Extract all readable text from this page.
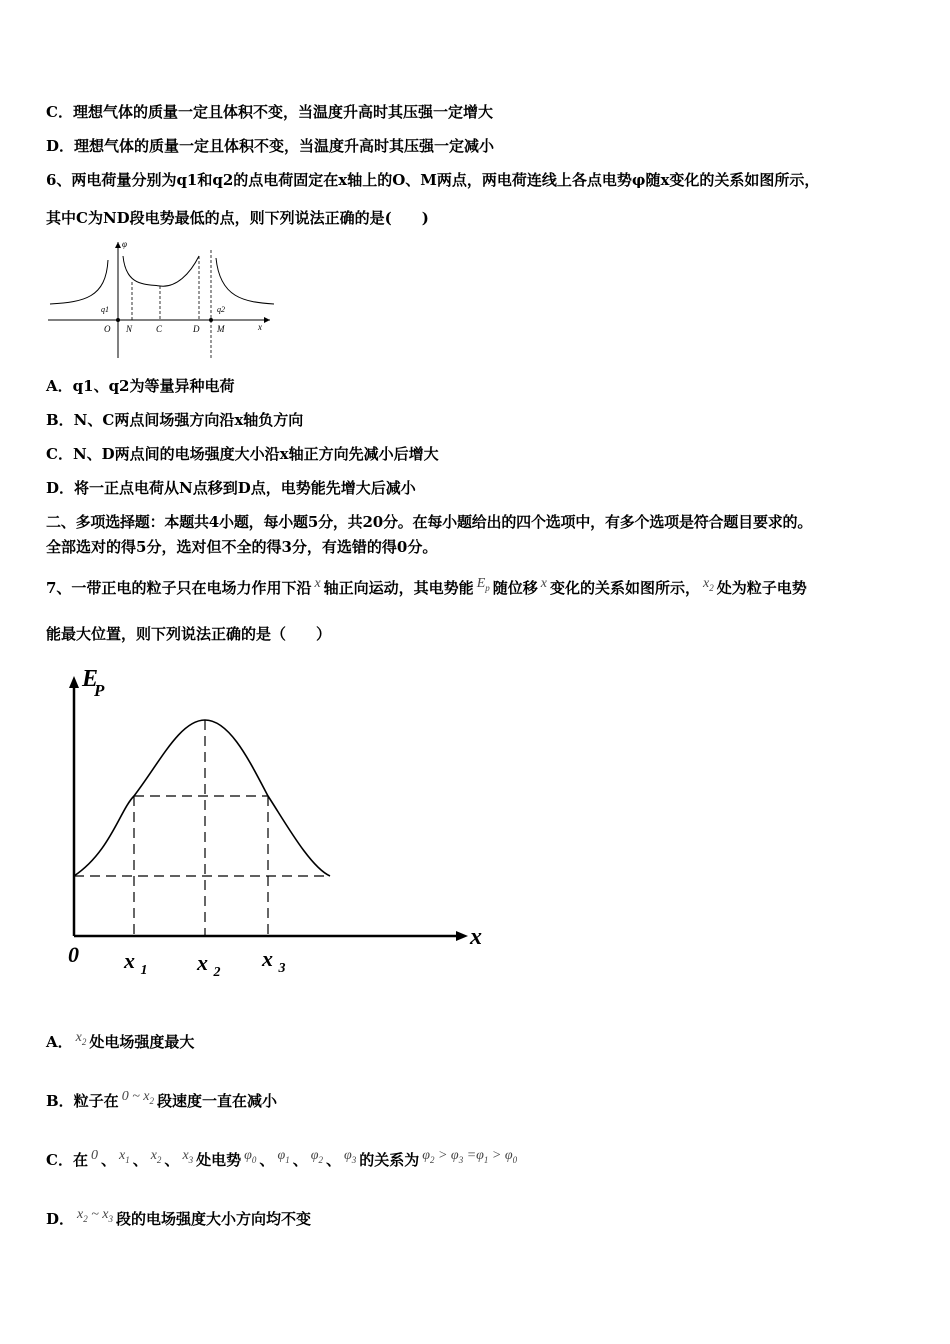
C．理想气体的质量一定且体积不变，当温度升高时其压强一定增大
D．理想气体的质量一定且体积不变，当温度升高时其压强一定减小
6、两电荷量分别为q1和q2的点电荷固定在x轴上的O、M两点，两电荷连线上各点电势φ随x变化的关系如图所示，
其中C为ND段电势最低的点，则下列说法正确的是(　　)
φ
x
O N	C	D M
q1	q2
A．q1、q2为等量异种电荷
B．N、C两点间场强方向沿x轴负方向
C．N、D两点间的电场强度大小沿x轴正方向先减小后增大
D．将一正点电荷从N点移到D点，电势能先增大后减小
二、多项选择题：本题共4小题，每小题5分，共20分。在每小题给出的四个选项中，有多个选项是符合题目要求的。
全部选对的得5分，选对但不全的得3分，有选错的得0分。
7、一带正电的粒子只在电场力作用下沿 x 轴正向运动，其电势能 $E_p$ 随位移 x 变化的关系如图所示， $x_2$ 处为粒子电势
能最大位置，则下列说法正确的是（　　）
E
P
x
0 x $_1$ x $_2$
x $_3$
A． $x_2$ 处电场强度最大
B．粒子在 0 ~ $x_2$ 段速度一直在减小
C．在 0 、 $x_1$ 、 $x_2$ 、 $x_3$ 处电势 $\varphi_0$ 、 $\varphi_1$ 、 $\varphi_2$ 、 $\varphi_3$ 的关系为 $\varphi_2 > \varphi_3 =\varphi_1 > \varphi_0$
D． $x_2$ ~ $x_3$ 段的电场强度大小方向均不变
